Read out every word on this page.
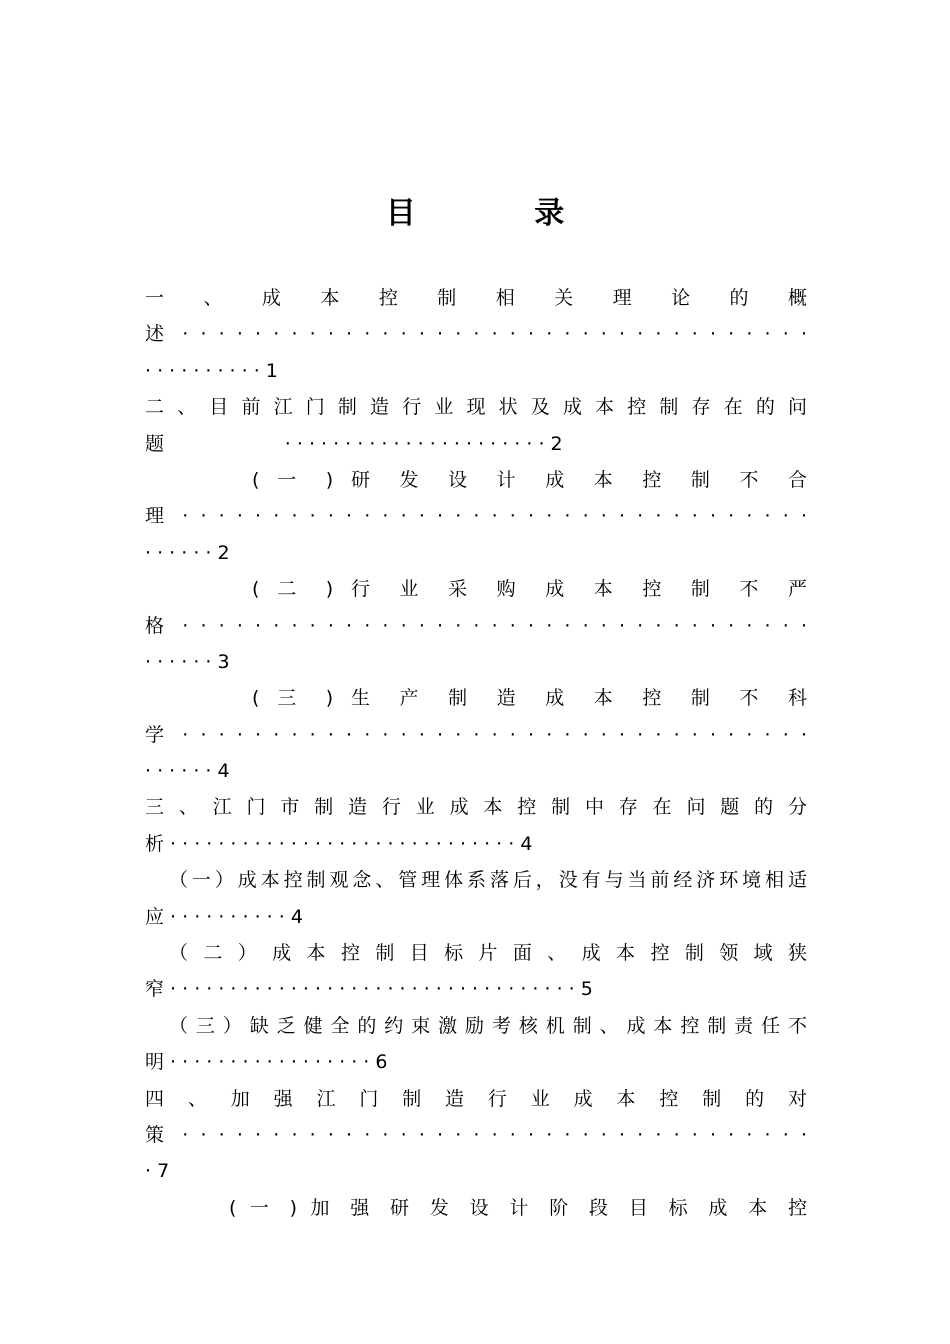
目 录

一 、 成 本 控 制 相 关 理 论 的 概

述 · · · · · · · · · · · · · · · · · · · · · · · · · · · · · · · · · · ·

· · · · · · · · · · 1

二 、 目 前 江 门 制 造 行 业 现 状 及 成 本 控 制 存 在 的 问

题                    · · · · · · · · · · · · · · · · · · · · · · 2

( 一 ) 研 发 设 计 成 本 控 制 不 合

理 · · · · · · · · · · · · · · · · · · · · · · · · · · · · · · · · · · ·

· · · · · · 2

( 二 ) 行 业 采 购 成 本 控 制 不 严

格 · · · · · · · · · · · · · · · · · · · · · · · · · · · · · · · · · · ·

· · · · · · 3

( 三 ) 生 产 制 造 成 本 控 制 不 科

学 · · · · · · · · · · · · · · · · · · · · · · · · · · · · · · · · · · ·

· · · · · · 4

三 、 江 门 市 制 造 行 业 成 本 控 制 中 存 在 问 题 的 分

析 · · · · · · · · · · · · · · · · · · · · · · · · · · · · · 4

（一）成本控制观念、管理体系落后，没有与当前经济环境相适

应 · · · · · · · · · · 4

（ 二 ） 成 本 控 制 目 标 片 面 、 成 本 控 制 领 域 狭

窄 · · · · · · · · · · · · · · · · · · · · · · · · · · · · · · · · · · 5

（ 三 ） 缺 乏 健 全 的 约 束 激 励 考 核 机 制 、 成 本 控 制 责 任 不

明 · · · · · · · · · · · · · · · · · 6

四 、 加 强 江 门 制 造 行 业 成 本 控 制 的 对

策 · · · · · · · · · · · · · · · · · · · · · · · · · · · · · · · · · · ·

· 7

( 一 ) 加 强 研 发 设 计 阶 段 目 标 成 本 控
